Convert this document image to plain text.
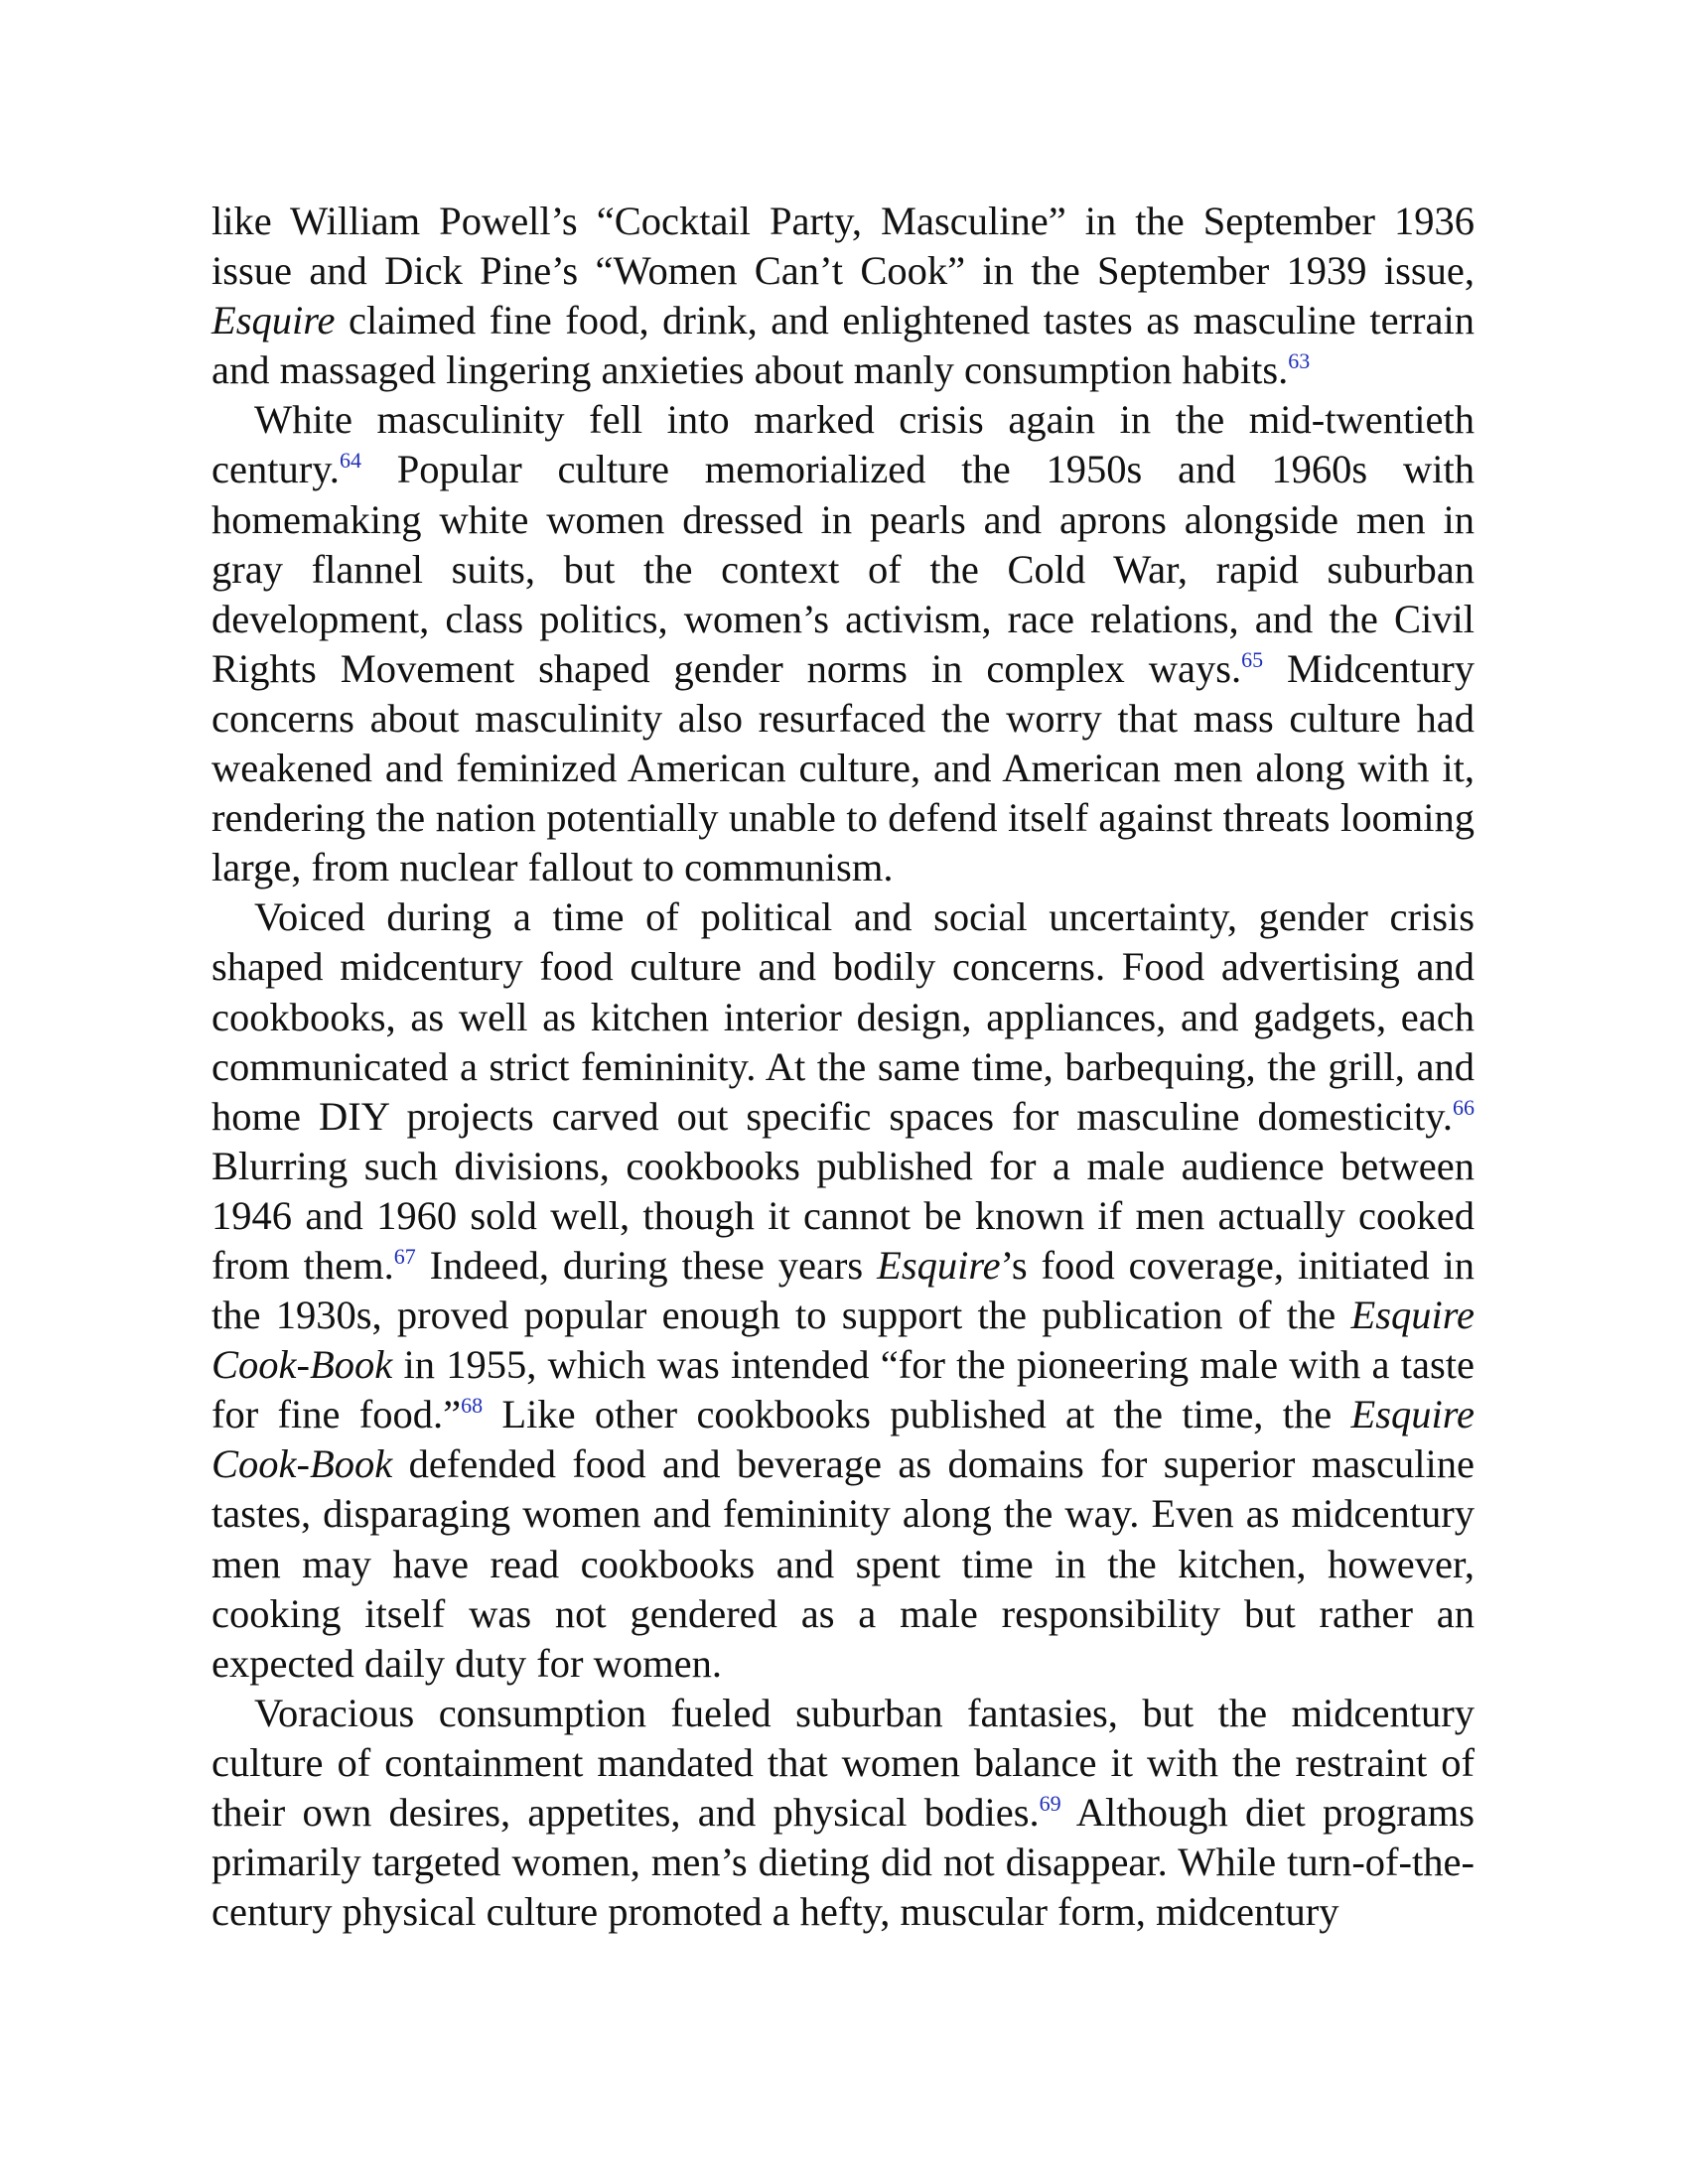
like William Powell’s “Cocktail Party, Masculine” in the September 1936 issue and Dick Pine’s “Women Can’t Cook” in the September 1939 issue, Esquire claimed fine food, drink, and enlightened tastes as masculine terrain and massaged lingering anxieties about manly consumption habits.$^{63}$

White masculinity fell into marked crisis again in the mid-twentieth century.$^{64}$ Popular culture memorialized the 1950s and 1960s with homemaking white women dressed in pearls and aprons alongside men in gray flannel suits, but the context of the Cold War, rapid suburban development, class politics, women’s activism, race relations, and the Civil Rights Movement shaped gender norms in complex ways.$^{65}$ Midcentury concerns about masculinity also resurfaced the worry that mass culture had weakened and feminized American culture, and American men along with it, rendering the nation potentially unable to defend itself against threats looming large, from nuclear fallout to communism.

Voiced during a time of political and social uncertainty, gender crisis shaped midcentury food culture and bodily concerns. Food advertising and cookbooks, as well as kitchen interior design, appliances, and gadgets, each communicated a strict femininity. At the same time, barbequing, the grill, and home DIY projects carved out specific spaces for masculine domesticity.$^{66}$ Blurring such divisions, cookbooks published for a male audience between 1946 and 1960 sold well, though it cannot be known if men actually cooked from them.$^{67}$ Indeed, during these years Esquire’s food coverage, initiated in the 1930s, proved popular enough to support the publication of the Esquire Cook-Book in 1955, which was intended “for the pioneering male with a taste for fine food.”$^{68}$ Like other cookbooks published at the time, the Esquire Cook-Book defended food and beverage as domains for superior masculine tastes, disparaging women and femininity along the way. Even as midcentury men may have read cookbooks and spent time in the kitchen, however, cooking itself was not gendered as a male responsibility but rather an expected daily duty for women.

Voracious consumption fueled suburban fantasies, but the midcentury culture of containment mandated that women balance it with the restraint of their own desires, appetites, and physical bodies.$^{69}$ Although diet programs primarily targeted women, men’s dieting did not disappear. While turn-of-the-century physical culture promoted a hefty, muscular form, midcentury
